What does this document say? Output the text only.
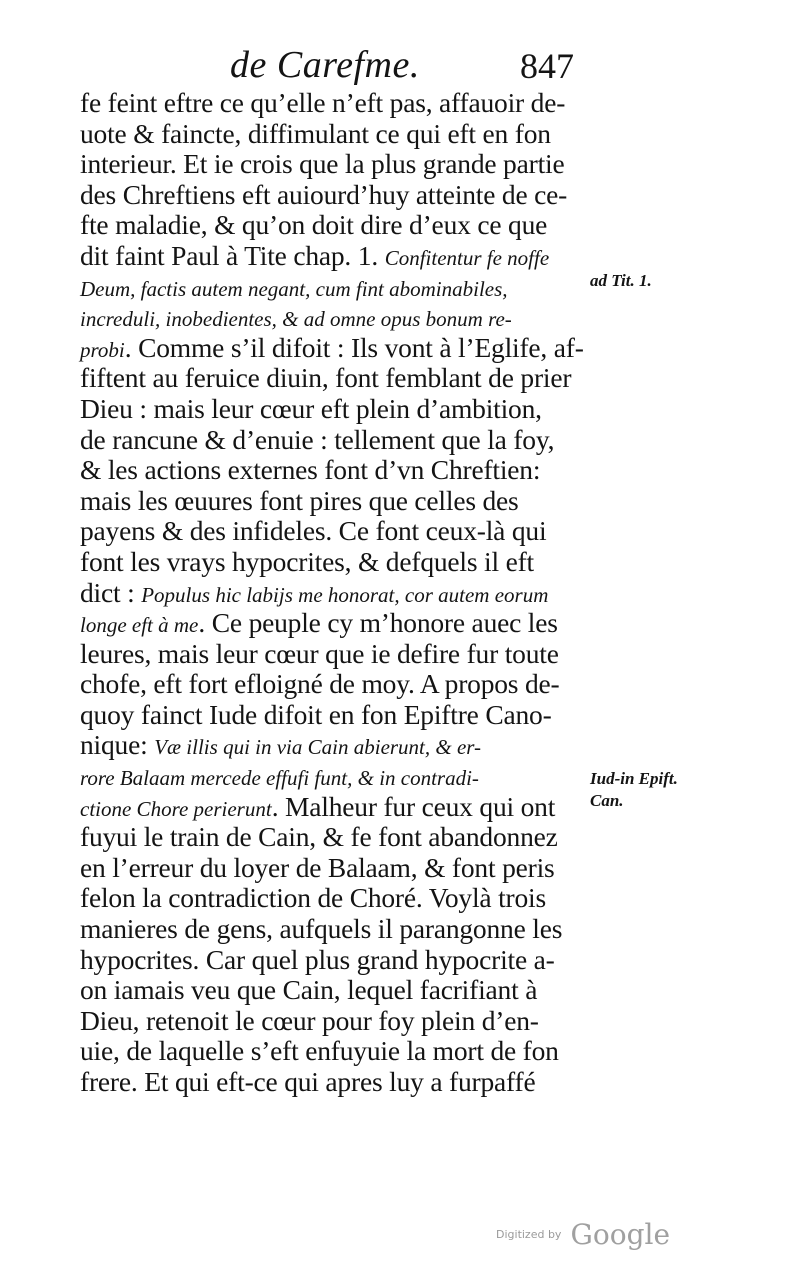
de Carefme.	847
fe feint eftre ce qu’elle n’eft pas, affauoir de-
uote & faincte, diffimulant ce qui eft en fon
interieur. Et ie crois que la plus grande partie
des Chreftiens eft auiourd’huy atteinte de ce-
fte maladie, & qu’on doit dire d’eux ce que
dit faint Paul à Tite chap. 1. Confitentur fe noffe
Deum, factis autem negant, cum fint abominabiles,
increduli, inobedientes, & ad omne opus bonum re-
probi. Comme s’il difoit : Ils vont à l’Eglife, af-
fiftent au feruice diuin, font femblant de prier
Dieu : mais leur cœur eft plein d’ambition,
de rancune & d’enuie : tellement que la foy,
& les actions externes font d’vn Chreftien:
mais les œuures font pires que celles des
payens & des infideles. Ce font ceux-là qui
font les vrays hypocrites, & defquels il eft
dict : Populus hic labijs me honorat, cor autem eorum
longe eft à me. Ce peuple cy m’honore auec les
leures, mais leur cœur que ie defire fur toute
chofe, eft fort efloigné de moy. A propos de-
quoy fainct Iude difoit en fon Epiftre Cano-
nique: Væ illis qui in via Cain abierunt, & er-
rore Balaam mercede effufi funt, & in contradi-
ctione Chore perierunt. Malheur fur ceux qui ont
fuyui le train de Cain, & fe font abandonnez
en l’erreur du loyer de Balaam, & font peris
felon la contradiction de Choré. Voylà trois
manieres de gens, aufquels il parangonne les
hypocrites. Car quel plus grand hypocrite a-
on iamais veu que Cain, lequel facrifiant à
Dieu, retenoit le cœur pour foy plein d’en-
uie, de laquelle s’eft enfuyuie la mort de fon
frere. Et qui eft-ce qui apres luy a furpaffé
ad Tit. 1.
Iud-in Epift.
Can.
Digitized by Google
